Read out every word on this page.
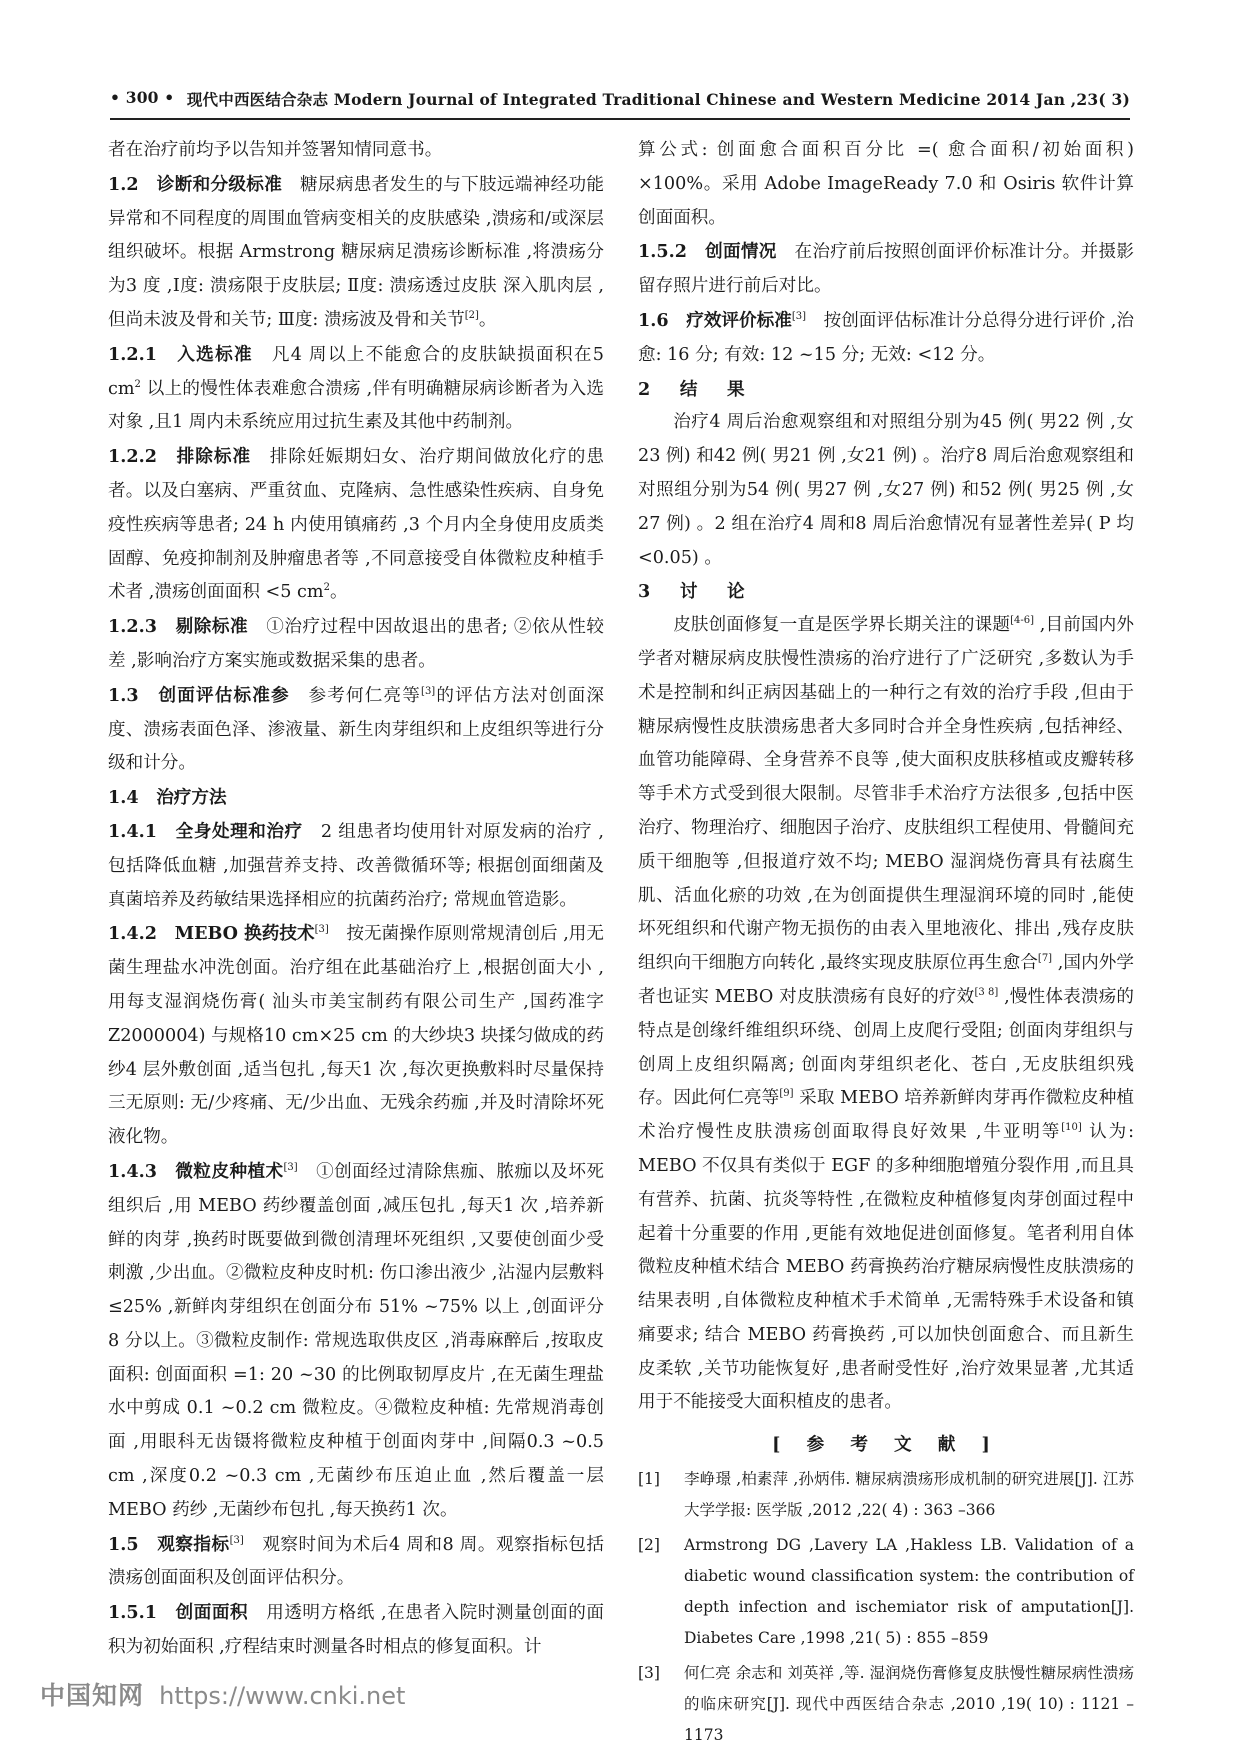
• 300 • 现代中西医结合杂志 Modern Journal of Integrated Traditional Chinese and Western Medicine 2014 Jan ,23( 3)

者在治疗前均予以告知并签署知情同意书。

1.2　诊断和分级标准　糖尿病患者发生的与下肢远端神经功能异常和不同程度的周围血管病变相关的皮肤感染 ,溃疡和/或深层组织破坏。根据 Armstrong 糖尿病足溃疡诊断标准 ,将溃疡分为3 度 ,Ⅰ度: 溃疡限于皮肤层; Ⅱ度: 溃疡透过皮肤 深入肌肉层 ,但尚未波及骨和关节; Ⅲ度: 溃疡波及骨和关节[2]。

1.2.1　入选标准　凡4 周以上不能愈合的皮肤缺损面积在5 $cm^2$ 以上的慢性体表难愈合溃疡 ,伴有明确糖尿病诊断者为入选对象 ,且1 周内未系统应用过抗生素及其他中药制剂。

1.2.2　排除标准　排除妊娠期妇女、治疗期间做放化疗的患者。以及白塞病、严重贫血、克隆病、急性感染性疾病、自身免疫性疾病等患者; 24 h 内使用镇痛药 ,3 个月内全身使用皮质类固醇、免疫抑制剂及肿瘤患者等 ,不同意接受自体微粒皮种植手术者 ,溃疡创面面积 <5 $cm^2$。

1.2.3　剔除标准　①治疗过程中因故退出的患者; ②依从性较差 ,影响治疗方案实施或数据采集的患者。

1.3　创面评估标准参　参考何仁亮等[3]的评估方法对创面深度、溃疡表面色泽、渗液量、新生肉芽组织和上皮组织等进行分级和计分。

1.4　治疗方法

1.4.1　全身处理和治疗　2 组患者均使用针对原发病的治疗 ,包括降低血糖 ,加强营养支持、改善微循环等; 根据创面细菌及真菌培养及药敏结果选择相应的抗菌药治疗; 常规血管造影。

1.4.2　MEBO 换药技术[3]　按无菌操作原则常规清创后 ,用无菌生理盐水冲洗创面。治疗组在此基础治疗上 ,根据创面大小 ,用每支湿润烧伤膏( 汕头市美宝制药有限公司生产 ,国药准字 Z2000004) 与规格10 cm×25 cm 的大纱块3 块揉匀做成的药纱4 层外敷创面 ,适当包扎 ,每天1 次 ,每次更换敷料时尽量保持三无原则: 无/少疼痛、无/少出血、无残余药痂 ,并及时清除坏死液化物。

1.4.3　微粒皮种植术[3]　①创面经过清除焦痂、脓痂以及坏死组织后 ,用 MEBO 药纱覆盖创面 ,减压包扎 ,每天1 次 ,培养新鲜的肉芽 ,换药时既要做到微创清理坏死组织 ,又要使创面少受刺激 ,少出血。②微粒皮种皮时机: 伤口渗出液少 ,沾湿内层敷料≤25% ,新鲜肉芽组织在创面分布 51% ~75% 以上 ,创面评分8 分以上。③微粒皮制作: 常规选取供皮区 ,消毒麻醉后 ,按取皮面积: 创面面积 =1: 20 ~30 的比例取韧厚皮片 ,在无菌生理盐水中剪成 0.1 ~0.2 cm 微粒皮。④微粒皮种植: 先常规消毒创面 ,用眼科无齿镊将微粒皮种植于创面肉芽中 ,间隔0.3 ~0.5 cm ,深度0.2 ~0.3 cm ,无菌纱布压迫止血 ,然后覆盖一层MEBO 药纱 ,无菌纱布包扎 ,每天换药1 次。

1.5　观察指标[3]　观察时间为术后4 周和8 周。观察指标包括溃疡创面面积及创面评估积分。

1.5.1　创面面积　用透明方格纸 ,在患者入院时测量创面的面积为初始面积 ,疗程结束时测量各时相点的修复面积。计

算公式: 创面愈合面积百分比 =( 愈合面积/初始面积) ×100%。采用 Adobe ImageReady 7.0 和 Osiris 软件计算创面面积。

1.5.2　创面情况　在治疗前后按照创面评价标准计分。并摄影留存照片进行前后对比。

1.6　疗效评价标准[3]　按创面评估标准计分总得分进行评价 ,治愈: 16 分; 有效: 12 ~15 分; 无效: <12 分。

2　结　果

治疗4 周后治愈观察组和对照组分别为45 例( 男22 例 ,女23 例) 和42 例( 男21 例 ,女21 例) 。治疗8 周后治愈观察组和对照组分别为54 例( 男27 例 ,女27 例) 和52 例( 男25 例 ,女27 例) 。2 组在治疗4 周和8 周后治愈情况有显著性差异( P 均<0.05) 。

3　讨　论

皮肤创面修复一直是医学界长期关注的课题[4-6] ,目前国内外学者对糖尿病皮肤慢性溃疡的治疗进行了广泛研究 ,多数认为手术是控制和纠正病因基础上的一种行之有效的治疗手段 ,但由于糖尿病慢性皮肤溃疡患者大多同时合并全身性疾病 ,包括神经、血管功能障碍、全身营养不良等 ,使大面积皮肤移植或皮瓣转移等手术方式受到很大限制。尽管非手术治疗方法很多 ,包括中医治疗、物理治疗、细胞因子治疗、皮肤组织工程使用、骨髓间充质干细胞等 ,但报道疗效不均; MEBO 湿润烧伤膏具有祛腐生肌、活血化瘀的功效 ,在为创面提供生理湿润环境的同时 ,能使坏死组织和代谢产物无损伤的由表入里地液化、排出 ,残存皮肤组织向干细胞方向转化 ,最终实现皮肤原位再生愈合[7] ,国内外学者也证实 MEBO 对皮肤溃疡有良好的疗效[3 8] ,慢性体表溃疡的特点是创缘纤维组织环绕、创周上皮爬行受阻; 创面肉芽组织与创周上皮组织隔离; 创面肉芽组织老化、苍白 ,无皮肤组织残存。因此何仁亮等[9] 采取 MEBO 培养新鲜肉芽再作微粒皮种植术治疗慢性皮肤溃疡创面取得良好效果 ,牛亚明等[10] 认为: MEBO 不仅具有类似于 EGF 的多种细胞增殖分裂作用 ,而且具有营养、抗菌、抗炎等特性 ,在微粒皮种植修复肉芽创面过程中起着十分重要的作用 ,更能有效地促进创面修复。笔者利用自体微粒皮种植术结合 MEBO 药膏换药治疗糖尿病慢性皮肤溃疡的结果表明 ,自体微粒皮种植术手术简单 ,无需特殊手术设备和镇痛要求; 结合 MEBO 药膏换药 ,可以加快创面愈合、而且新生皮柔软 ,关节功能恢复好 ,患者耐受性好 ,治疗效果显著 ,尤其适用于不能接受大面积植皮的患者。

[ 参 考 文 献 ]

[1] 李峥璟 ,柏素萍 ,孙炳伟. 糖尿病溃疡形成机制的研究进展[J]. 江苏大学学报: 医学版 ,2012 ,22( 4) : 363 –366
[2] Armstrong DG ,Lavery LA ,Hakless LB. Validation of a diabetic wound classification system: the contribution of depth infection and ischemiator risk of amputation[J]. Diabetes Care ,1998 ,21( 5) : 855 –859
[3] 何仁亮 余志和 刘英祥 ,等. 湿润烧伤膏修复皮肤慢性糖尿病性溃疡的临床研究[J]. 现代中西医结合杂志 ,2010 ,19( 10) : 1121 –1173
中国知网 https://www.cnki.net
